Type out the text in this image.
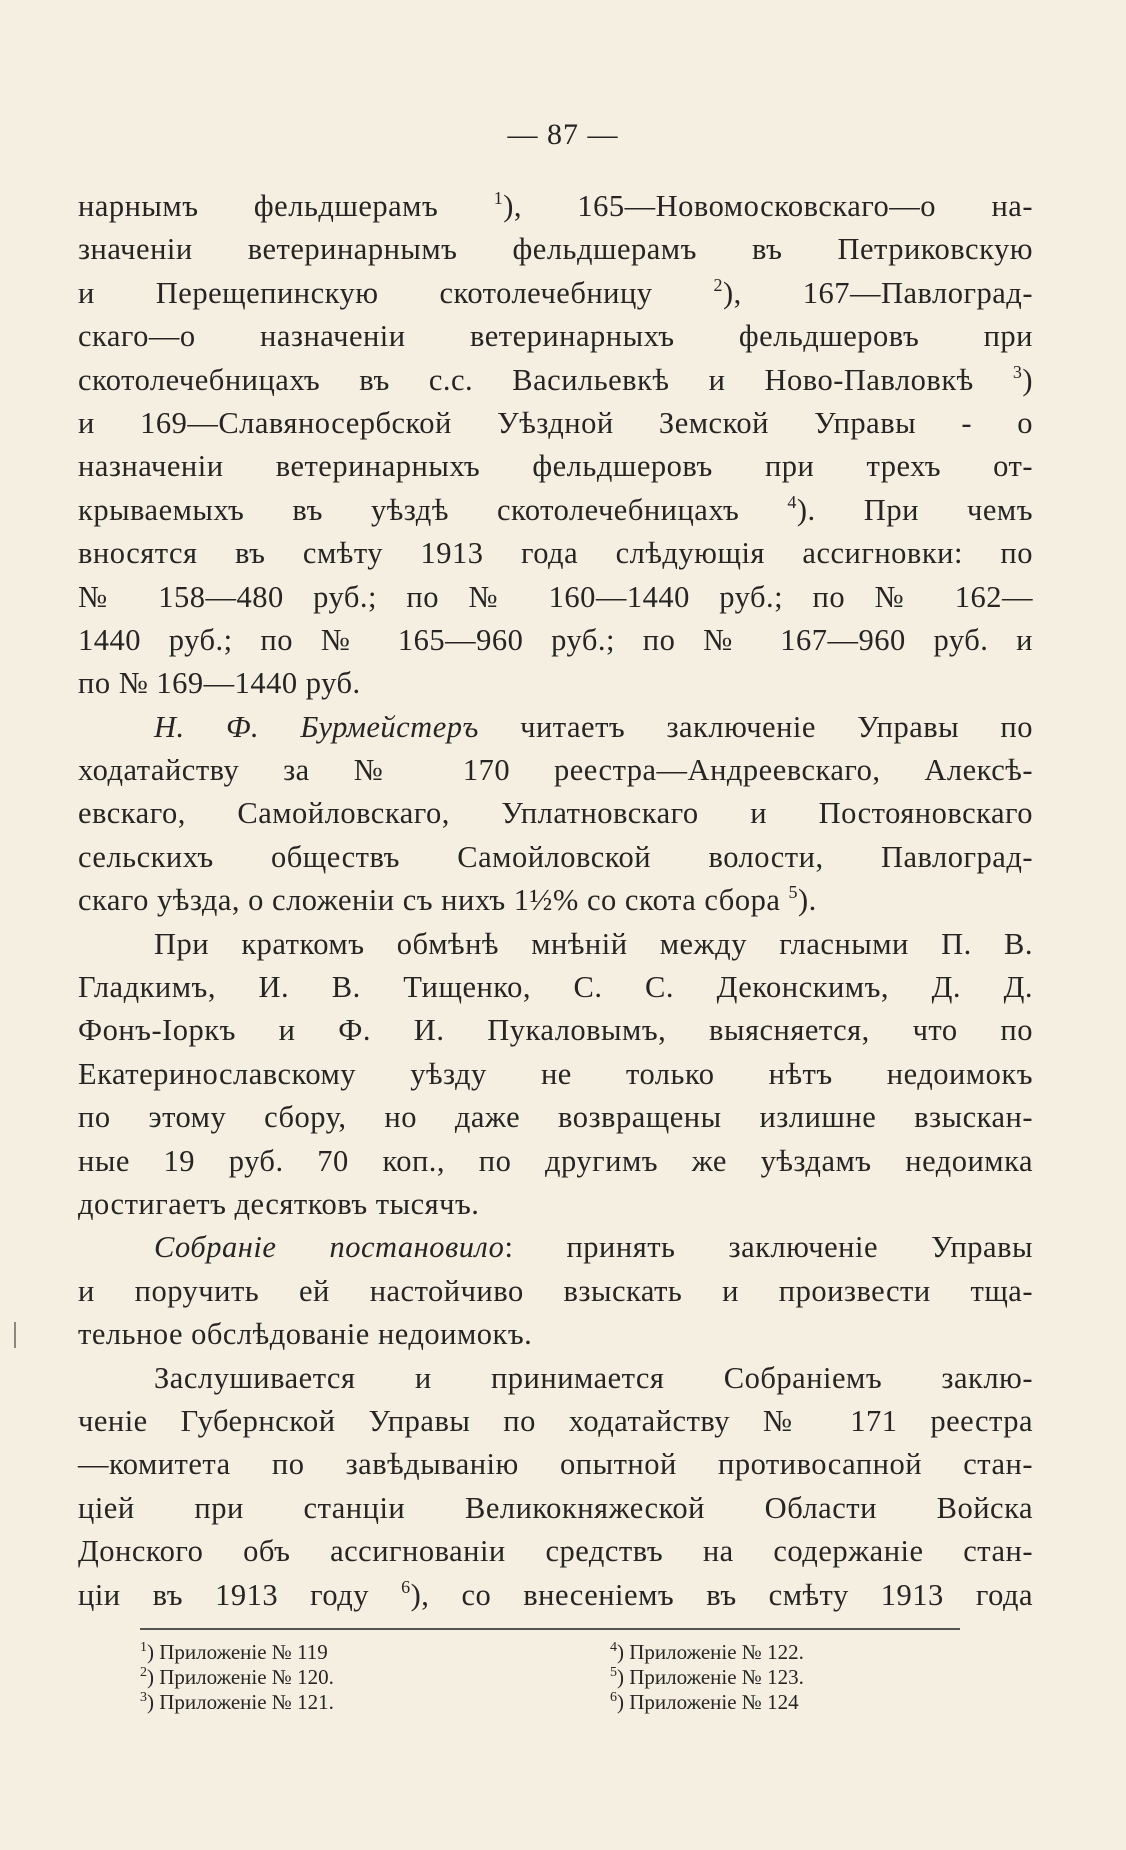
— 87 —
нарнымъ фельдшерамъ $^1$), 165—Новомосковскаго—о на-
значеніи ветеринарнымъ фельдшерамъ въ Петриковскую
и Перещепинскую скотолечебницу $^2$), 167—Павлоград-
скаго—о назначеніи ветеринарныхъ фельдшеровъ при
скотолечебницахъ въ с.с. Васильевкѣ и Ново-Павловкѣ $^3$)
и 169—Славяносербской Уѣздной Земской Управы - о
назначеніи ветеринарныхъ фельдшеровъ при трехъ от-
крываемыхъ въ уѣздѣ скотолечебницахъ $^4$). При чемъ
вносятся въ смѣту 1913 года слѣдующія ассигновки: по
№ 158—480 руб.; по № 160—1440 руб.; по № 162—
1440 руб.; по № 165—960 руб.; по № 167—960 руб. и
по № 169—1440 руб.
Н. Ф. Бурмейстеръ читаетъ заключеніе Управы по
ходатайству за № 170 реестра—Андреевскаго, Алексѣ-
евскаго, Самойловскаго, Уплатновскаго и Постояновскаго
сельскихъ обществъ Самойловской волости, Павлоград-
скаго уѣзда, о сложеніи съ нихъ 1½% со скота сбора $^5$).
При краткомъ обмѣнѣ мнѣній между гласными П. В.
Гладкимъ, И. В. Тищенко, С. С. Деконскимъ, Д. Д.
Фонъ-Іоркъ и Ф. И. Пукаловымъ, выясняется, что по
Екатеринославскому уѣзду не только нѣтъ недоимокъ
по этому сбору, но даже возвращены излишне взыскан-
ные 19 руб. 70 коп., по другимъ же уѣздамъ недоимка
достигаетъ десятковъ тысячъ.
Собраніе постановило: принять заключеніе Управы
и поручить ей настойчиво взыскать и произвести тща-
тельное обслѣдованіе недоимокъ.
Заслушивается и принимается Собраніемъ заклю-
ченіе Губернской Управы по ходатайству № 171 реестра
—комитета по завѣдыванію опытной противосапной стан-
ціей при станціи Великокняжеской Области Войска
Донского объ ассигнованіи средствъ на содержаніе стан-
ціи въ 1913 году $^6$), со внесеніемъ въ смѣту 1913 года
$^1$) Приложеніе № 119
$^2$) Приложеніе № 120.
$^3$) Приложеніе № 121.
$^4$) Приложеніе № 122.
$^5$) Приложеніе № 123.
$^6$) Приложеніе № 124
